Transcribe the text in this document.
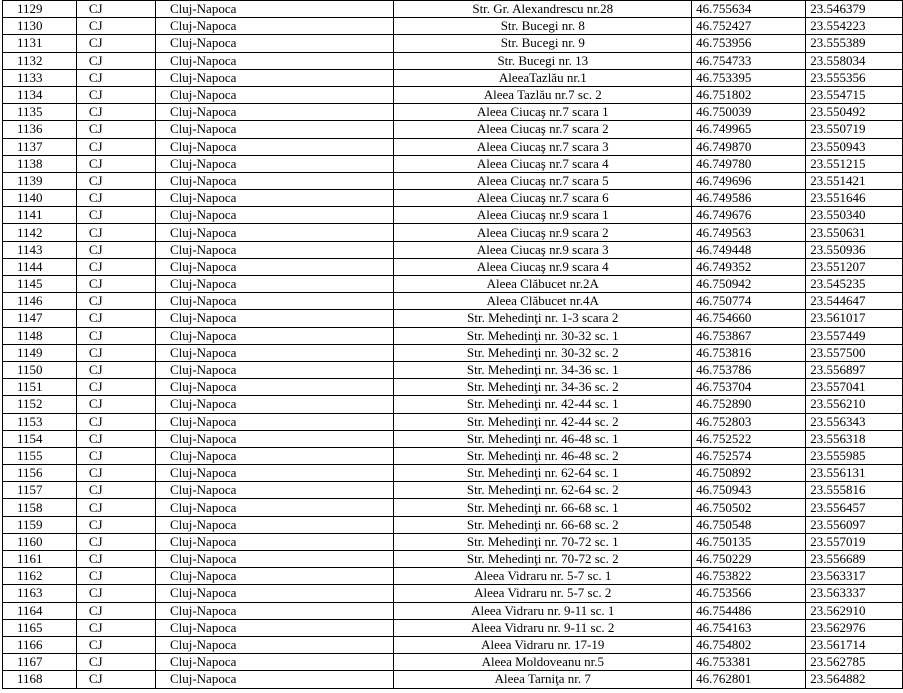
1129	CJ	Cluj-Napoca	Str. Gr. Alexandrescu nr.28	46.755634	23.546379
1130	CJ	Cluj-Napoca	Str. Bucegi nr. 8	46.752427	23.554223
1131	CJ	Cluj-Napoca	Str. Bucegi nr. 9	46.753956	23.555389
1132	CJ	Cluj-Napoca	Str. Bucegi nr. 13	46.754733	23.558034
1133	CJ	Cluj-Napoca	AleeaTazlău nr.1	46.753395	23.555356
1134	CJ	Cluj-Napoca	Aleea Tazlău nr.7 sc. 2	46.751802	23.554715
1135	CJ	Cluj-Napoca	Aleea Ciucaş nr.7 scara 1	46.750039	23.550492
1136	CJ	Cluj-Napoca	Aleea Ciucaş nr.7 scara 2	46.749965	23.550719
1137	CJ	Cluj-Napoca	Aleea Ciucaş nr.7 scara 3	46.749870	23.550943
1138	CJ	Cluj-Napoca	Aleea Ciucaş nr.7 scara 4	46.749780	23.551215
1139	CJ	Cluj-Napoca	Aleea Ciucaş nr.7 scara 5	46.749696	23.551421
1140	CJ	Cluj-Napoca	Aleea Ciucaş nr.7 scara 6	46.749586	23.551646
1141	CJ	Cluj-Napoca	Aleea Ciucaş nr.9 scara 1	46.749676	23.550340
1142	CJ	Cluj-Napoca	Aleea Ciucaş nr.9 scara 2	46.749563	23.550631
1143	CJ	Cluj-Napoca	Aleea Ciucaş nr.9 scara 3	46.749448	23.550936
1144	CJ	Cluj-Napoca	Aleea Ciucaş nr.9 scara 4	46.749352	23.551207
1145	CJ	Cluj-Napoca	Aleea Clăbucet nr.2A	46.750942	23.545235
1146	CJ	Cluj-Napoca	Aleea Clăbucet nr.4A	46.750774	23.544647
1147	CJ	Cluj-Napoca	Str. Mehedinţi nr. 1-3 scara 2	46.754660	23.561017
1148	CJ	Cluj-Napoca	Str. Mehedinţi nr. 30-32 sc. 1	46.753867	23.557449
1149	CJ	Cluj-Napoca	Str. Mehedinţi nr. 30-32 sc. 2	46.753816	23.557500
1150	CJ	Cluj-Napoca	Str. Mehedinţi nr. 34-36 sc. 1	46.753786	23.556897
1151	CJ	Cluj-Napoca	Str. Mehedinţi nr. 34-36 sc. 2	46.753704	23.557041
1152	CJ	Cluj-Napoca	Str. Mehedinţi nr. 42-44 sc. 1	46.752890	23.556210
1153	CJ	Cluj-Napoca	Str. Mehedinţi nr. 42-44 sc. 2	46.752803	23.556343
1154	CJ	Cluj-Napoca	Str. Mehedinţi nr. 46-48 sc. 1	46.752522	23.556318
1155	CJ	Cluj-Napoca	Str. Mehedinţi nr. 46-48 sc. 2	46.752574	23.555985
1156	CJ	Cluj-Napoca	Str. Mehedinţi nr. 62-64 sc. 1	46.750892	23.556131
1157	CJ	Cluj-Napoca	Str. Mehedinţi nr. 62-64 sc. 2	46.750943	23.555816
1158	CJ	Cluj-Napoca	Str. Mehedinţi nr. 66-68 sc. 1	46.750502	23.556457
1159	CJ	Cluj-Napoca	Str. Mehedinţi nr. 66-68 sc. 2	46.750548	23.556097
1160	CJ	Cluj-Napoca	Str. Mehedinţi nr. 70-72 sc. 1	46.750135	23.557019
1161	CJ	Cluj-Napoca	Str. Mehedinţi nr. 70-72 sc. 2	46.750229	23.556689
1162	CJ	Cluj-Napoca	Aleea Vidraru nr. 5-7 sc. 1	46.753822	23.563317
1163	CJ	Cluj-Napoca	Aleea Vidraru nr. 5-7 sc. 2	46.753566	23.563337
1164	CJ	Cluj-Napoca	Aleea Vidraru nr. 9-11 sc. 1	46.754486	23.562910
1165	CJ	Cluj-Napoca	Aleea Vidraru nr. 9-11 sc. 2	46.754163	23.562976
1166	CJ	Cluj-Napoca	Aleea Vidraru nr. 17-19	46.754802	23.561714
1167	CJ	Cluj-Napoca	Aleea Moldoveanu nr.5	46.753381	23.562785
1168	CJ	Cluj-Napoca	Aleea Tarniţa nr. 7	46.762801	23.564882
